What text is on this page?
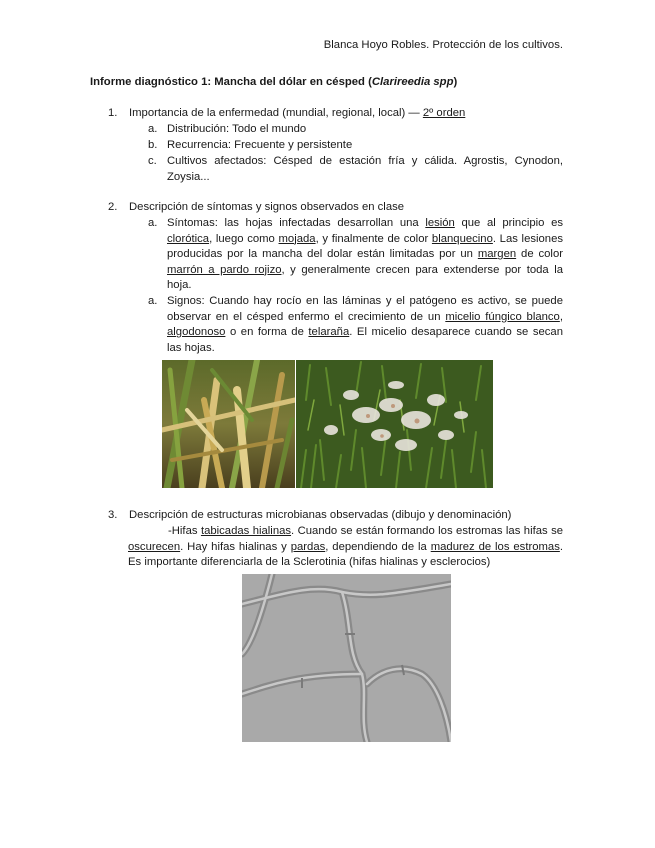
Blanca Hoyo Robles. Protección de los cultivos.
Informe diagnóstico 1: Mancha del dólar en césped (Clarireedia spp)
1.	Importancia de la enfermedad (mundial, regional, local) — 2º orden
a. Distribución: Todo el mundo
b. Recurrencia: Frecuente y persistente
c. Cultivos afectados: Césped de estación fría y cálida. Agrostis, Cynodon, Zoysia...
2.	Descripción de síntomas y signos observados en clase
a. Síntomas: las hojas infectadas desarrollan una lesión que al principio es clorótica, luego como mojada, y finalmente de color blanquecino. Las lesiones producidas por la mancha del dolar están limitadas por un margen de color marrón a pardo rojizo, y generalmente crecen para extenderse por toda la hoja.
a. Signos: Cuando hay rocío en las láminas y el patógeno es activo, se puede observar en el césped enfermo el crecimiento de un micelio fúngico blanco, algodonoso o en forma de telaraña. El micelio desaparece cuando se secan las hojas.
3.	Descripción de estructuras microbianas observadas (dibujo y denominación)
-Hifas tabicadas hialinas. Cuando se están formando los estromas las hifas se oscurecen. Hay hifas hialinas y pardas, dependiendo de la madurez de los estromas. Es importante diferenciarla de la Sclerotinia (hifas hialinas y esclerocios)
